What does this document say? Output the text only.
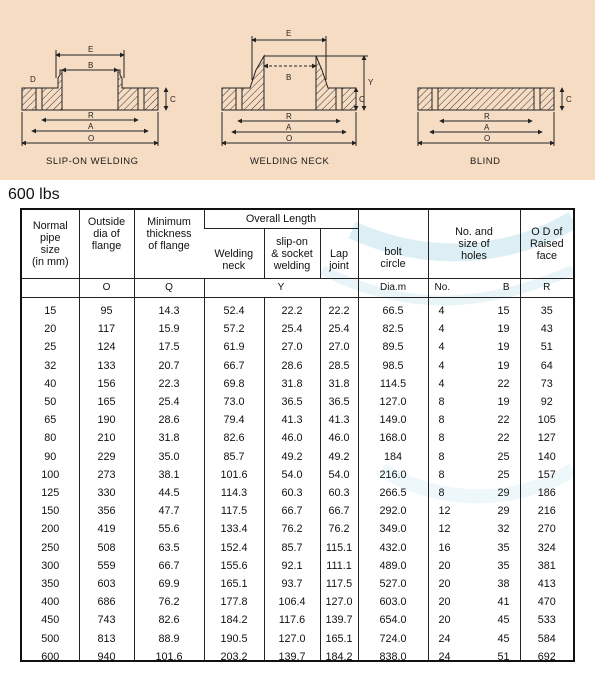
E
B
D
C
R
A
O
E
B
Y
C
R
A
O
C
R
A
O
SLIP-ON WELDING	WELDING NECK	BLIND
600 lbs
Normal
pipe
size
(in mm)	Outside
dia of
flange	Minimum
thickness
of flange	Overall Length			bolt
circle	No. and
size of
holes		O D of
Raised
face
			Welding
neck	slip-on
& socket
welding	Lap
joint				
	O	Q	Y			Dia.m	No.	B	R
15	95	14.3	52.4	22.2	22.2	66.5	4	15	35
20	117	15.9	57.2	25.4	25.4	82.5	4	19	43
25	124	17.5	61.9	27.0	27.0	89.5	4	19	51
32	133	20.7	66.7	28.6	28.5	98.5	4	19	64
40	156	22.3	69.8	31.8	31.8	114.5	4	22	73
50	165	25.4	73.0	36.5	36.5	127.0	8	19	92
65	190	28.6	79.4	41.3	41.3	149.0	8	22	105
80	210	31.8	82.6	46.0	46.0	168.0	8	22	127
90	229	35.0	85.7	49.2	49.2	184	8	25	140
100	273	38.1	101.6	54.0	54.0	216.0	8	25	157
125	330	44.5	114.3	60.3	60.3	266.5	8	29	186
150	356	47.7	117.5	66.7	66.7	292.0	12	29	216
200	419	55.6	133.4	76.2	76.2	349.0	12	32	270
250	508	63.5	152.4	85.7	115.1	432.0	16	35	324
300	559	66.7	155.6	92.1	111.1	489.0	20	35	381
350	603	69.9	165.1	93.7	117.5	527.0	20	38	413
400	686	76.2	177.8	106.4	127.0	603.0	20	41	470
450	743	82.6	184.2	117.6	139.7	654.0	20	45	533
500	813	88.9	190.5	127.0	165.1	724.0	24	45	584
600	940	101.6	203.2	139.7	184.2	838.0	24	51	692
